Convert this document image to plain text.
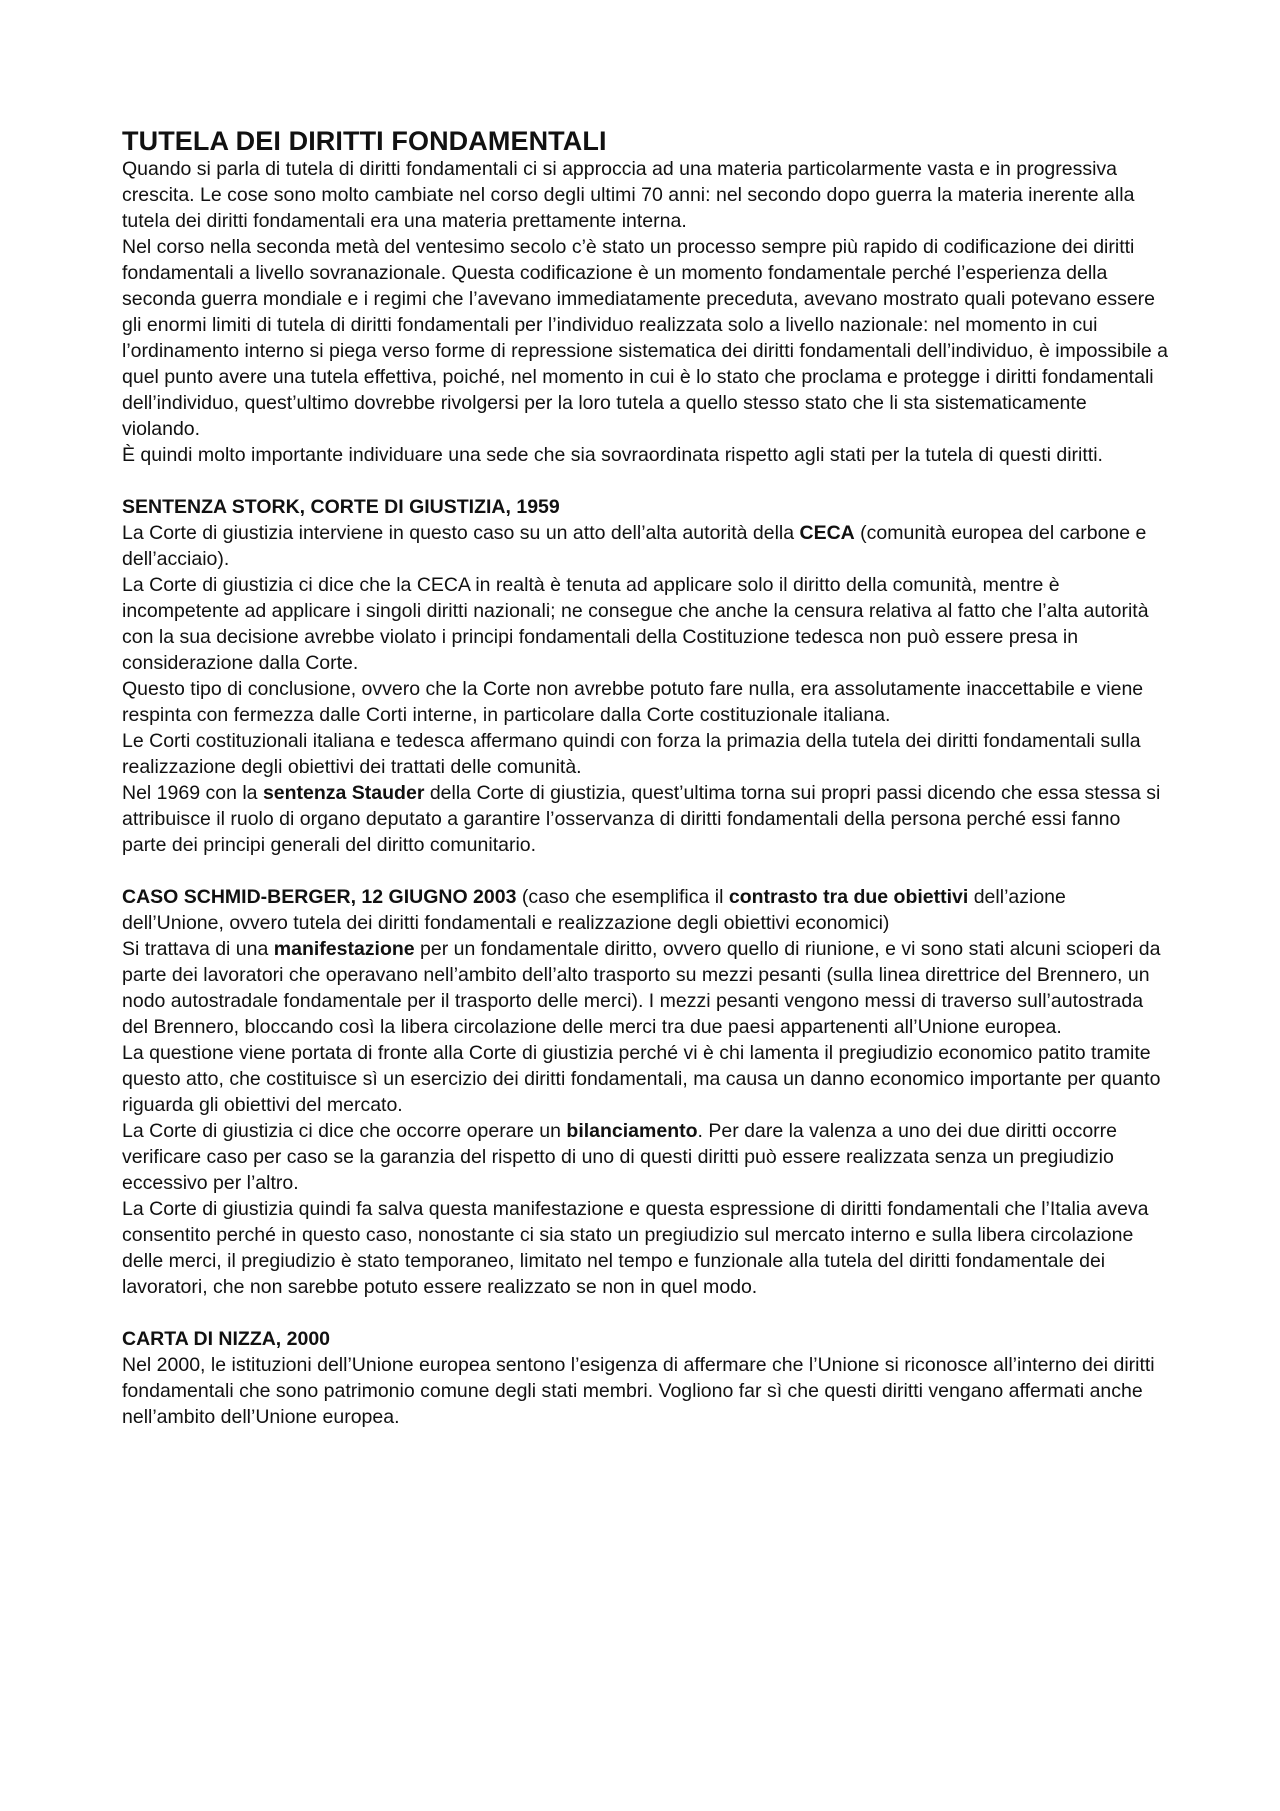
TUTELA DEI DIRITTI FONDAMENTALI

Quando si parla di tutela di diritti fondamentali ci si approccia ad una materia particolarmente vasta e in progressiva crescita. Le cose sono molto cambiate nel corso degli ultimi 70 anni: nel secondo dopo guerra la materia inerente alla tutela dei diritti fondamentali era una materia prettamente interna.

Nel corso nella seconda metà del ventesimo secolo c’è stato un processo sempre più rapido di codificazione dei diritti fondamentali a livello sovranazionale. Questa codificazione è un momento fondamentale perché l’esperienza della seconda guerra mondiale e i regimi che l’avevano immediatamente preceduta, avevano mostrato quali potevano essere gli enormi limiti di tutela di diritti fondamentali per l’individuo realizzata solo a livello nazionale: nel momento in cui l’ordinamento interno si piega verso forme di repressione sistematica dei diritti fondamentali dell’individuo, è impossibile a quel punto avere una tutela effettiva, poiché, nel momento in cui è lo stato che proclama e protegge i diritti fondamentali dell’individuo, quest’ultimo dovrebbe rivolgersi per la loro tutela a quello stesso stato che li sta sistematicamente violando.

È quindi molto importante individuare una sede che sia sovraordinata rispetto agli stati per la tutela di questi diritti.

SENTENZA STORK, CORTE DI GIUSTIZIA, 1959

La Corte di giustizia interviene in questo caso su un atto dell’alta autorità della CECA (comunità europea del carbone e dell’acciaio).

La Corte di giustizia ci dice che la CECA in realtà è tenuta ad applicare solo il diritto della comunità, mentre è incompetente ad applicare i singoli diritti nazionali; ne consegue che anche la censura relativa al fatto che l’alta autorità con la sua decisione avrebbe violato i principi fondamentali della Costituzione tedesca non può essere presa in considerazione dalla Corte.

Questo tipo di conclusione, ovvero che la Corte non avrebbe potuto fare nulla, era assolutamente inaccettabile e viene respinta con fermezza dalle Corti interne, in particolare dalla Corte costituzionale italiana.

Le Corti costituzionali italiana e tedesca affermano quindi con forza la primazia della tutela dei diritti fondamentali sulla realizzazione degli obiettivi dei trattati delle comunità.

Nel 1969 con la sentenza Stauder della Corte di giustizia, quest’ultima torna sui propri passi dicendo che essa stessa si attribuisce il ruolo di organo deputato a garantire l’osservanza di diritti fondamentali della persona perché essi fanno parte dei principi generali del diritto comunitario.

CASO SCHMID-BERGER, 12 GIUGNO 2003 (caso che esemplifica il contrasto tra due obiettivi dell’azione dell’Unione, ovvero tutela dei diritti fondamentali e realizzazione degli obiettivi economici)

Si trattava di una manifestazione per un fondamentale diritto, ovvero quello di riunione, e vi sono stati alcuni scioperi da parte dei lavoratori che operavano nell’ambito dell’alto trasporto su mezzi pesanti (sulla linea direttrice del Brennero, un nodo autostradale fondamentale per il trasporto delle merci). I mezzi pesanti vengono messi di traverso sull’autostrada del Brennero, bloccando così la libera circolazione delle merci tra due paesi appartenenti all’Unione europea.

La questione viene portata di fronte alla Corte di giustizia perché vi è chi lamenta il pregiudizio economico patito tramite questo atto, che costituisce sì un esercizio dei diritti fondamentali, ma causa un danno economico importante per quanto riguarda gli obiettivi del mercato.

La Corte di giustizia ci dice che occorre operare un bilanciamento. Per dare la valenza a uno dei due diritti occorre verificare caso per caso se la garanzia del rispetto di uno di questi diritti può essere realizzata senza un pregiudizio eccessivo per l’altro.

La Corte di giustizia quindi fa salva questa manifestazione e questa espressione di diritti fondamentali che l’Italia aveva consentito perché in questo caso, nonostante ci sia stato un pregiudizio sul mercato interno e sulla libera circolazione delle merci, il pregiudizio è stato temporaneo, limitato nel tempo e funzionale alla tutela del diritti fondamentale dei lavoratori, che non sarebbe potuto essere realizzato se non in quel modo.

CARTA DI NIZZA, 2000

Nel 2000, le istituzioni dell’Unione europea sentono l’esigenza di affermare che l’Unione si riconosce all’interno dei diritti fondamentali che sono patrimonio comune degli stati membri. Vogliono far sì che questi diritti vengano affermati anche nell’ambito dell’Unione europea.
